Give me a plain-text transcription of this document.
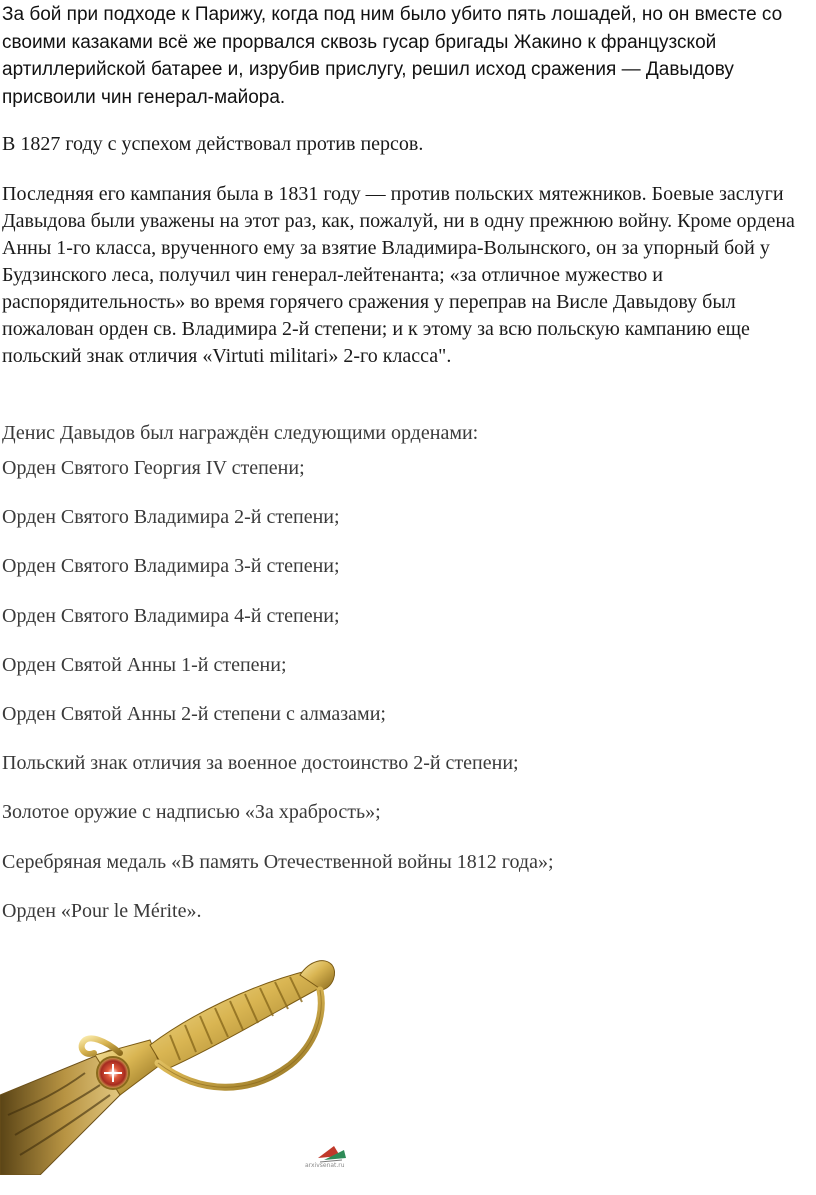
За бой при подходе к Парижу, когда под ним было убито пять лошадей, но он вместе со своими казаками всё же прорвался сквозь гусар бригады Жакино к французской артиллерийской батарее и, изрубив прислугу, решил исход сражения — Давыдову присвоили чин генерал-майора.

В 1827 году с успехом действовал против персов.

Последняя его кампания была в 1831 году — против польских мятежников. Боевые заслуги Давыдова были уважены на этот раз, как, пожалуй, ни в одну прежнюю войну. Кроме ордена Анны 1-го класса, врученного ему за взятие Владимира-Волынского, он за упорный бой у Будзинского леса, получил чин генерал-лейтенанта; «за отличное мужество и распорядительность» во время горячего сражения у переправ на Висле Давыдову был пожалован орден св. Владимира 2-й степени; и к этому за всю польскую кампанию еще польский знак отличия «Virtuti militari» 2-го класса".

Денис Давыдов был награждён следующими орденами:

Орден Святого Георгия IV степени;
Орден Святого Владимира 2-й степени;
Орден Святого Владимира 3-й степени;
Орден Святого Владимира 4-й степени;
Орден Святой Анны 1-й степени;
Орден Святой Анны 2-й степени с алмазами;
Польский знак отличия за военное достоинство 2-й степени;
Золотое оружие с надписью «За храбрость»;
Серебряная медаль «В память Отечественной войны 1812 года»;
Орден «Pour le Mérite».
arxivsenat.ru
